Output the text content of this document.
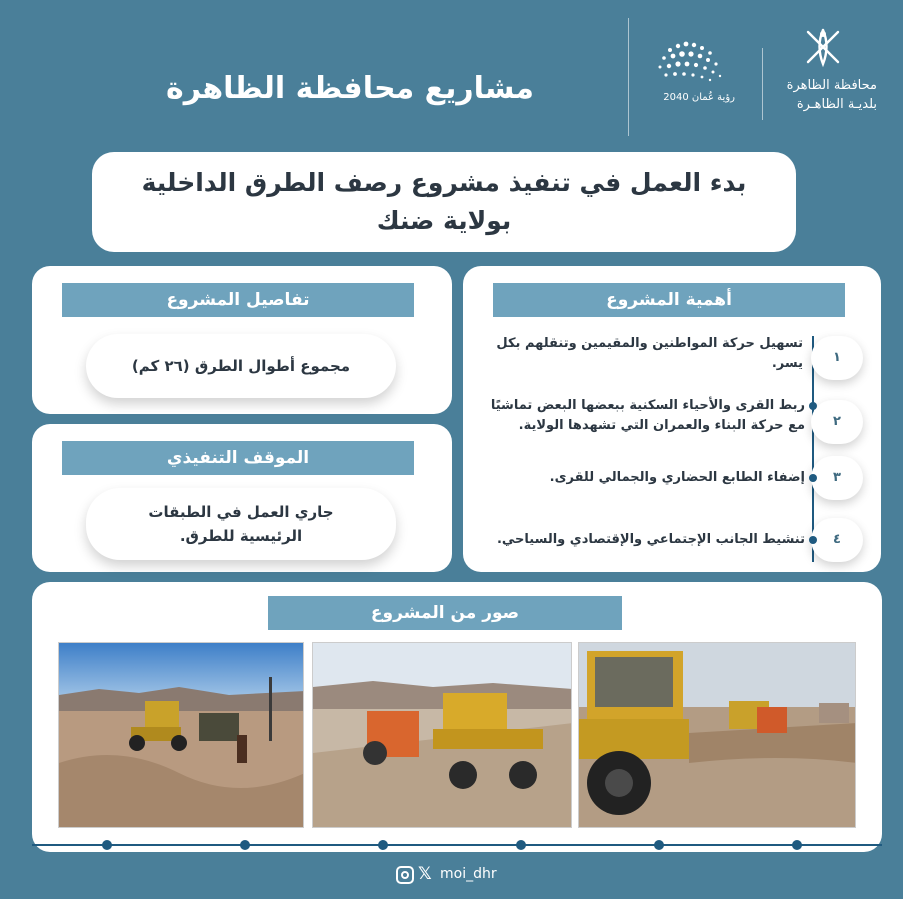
مشاريع محافظة الظاهرة	رؤية عُمان 2040
محافظة الظاهرة
بلديـة الظاهـرة
بدء العمل في تنفيذ مشروع رصف الطرق الداخلية
بولاية ضنك
تفاصيل المشروع
مجموع أطوال الطرق (٢٦ كم)
الموقف التنفيذي
جاري العمل في الطبقات
الرئيسية للطرق.
أهمية المشروع
١
تسهيل حركة المواطنين والمقيمين وتنقلهم بكل يسر.
٢
ربط القرى والأحياء السكنية ببعضها البعض تماشيًا مع حركة البناء والعمران التي تشهدها الولاية.
٣
إضفاء الطابع الحضاري والجمالي للقرى.
٤
تنشيط الجانب الإجتماعي والإقتصادي والسياحي.
صور من المشروع
𝕏 moi_dhr
